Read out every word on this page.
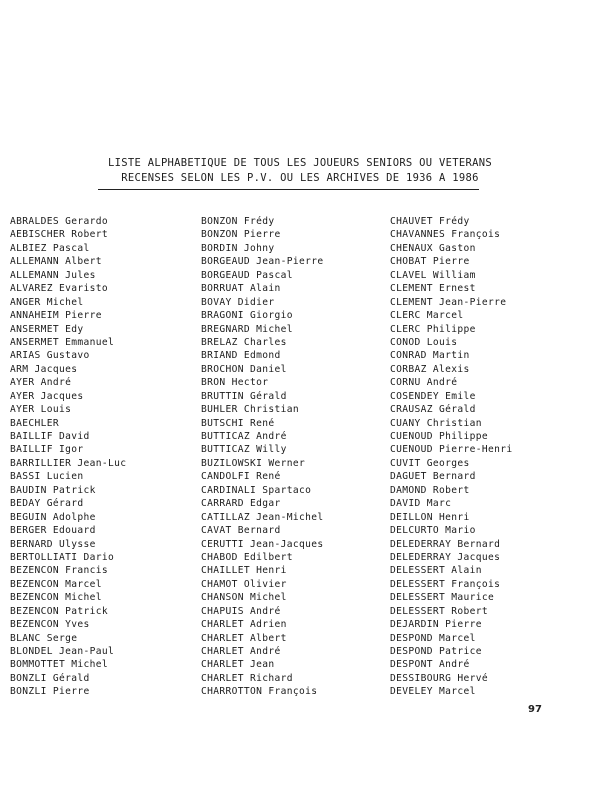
LISTE ALPHABETIQUE DE TOUS LES JOUEURS SENIORS OU VETERANS
RECENSES SELON LES P.V. OU LES ARCHIVES DE 1936 A 1986
ABRALDES Gerardo
AEBISCHER Robert
ALBIEZ Pascal
ALLEMANN Albert
ALLEMANN Jules
ALVAREZ Evaristo
ANGER Michel
ANNAHEIM Pierre
ANSERMET Edy
ANSERMET Emmanuel
ARIAS Gustavo
ARM Jacques
AYER André
AYER Jacques
AYER Louis
BAECHLER
BAILLIF David
BAILLIF Igor
BARRILLIER Jean-Luc
BASSI Lucien
BAUDIN Patrick
BEDAY Gérard
BEGUIN Adolphe
BERGER Edouard
BERNARD Ulysse
BERTOLLIATI Dario
BEZENCON Francis
BEZENCON Marcel
BEZENCON Michel
BEZENCON Patrick
BEZENCON Yves
BLANC Serge
BLONDEL Jean-Paul
BOMMOTTET Michel
BONZLI Gérald
BONZLI Pierre
BONZON Frédy
BONZON Pierre
BORDIN Johny
BORGEAUD Jean-Pierre
BORGEAUD Pascal
BORRUAT Alain
BOVAY Didier
BRAGONI Giorgio
BREGNARD Michel
BRELAZ Charles
BRIAND Edmond
BROCHON Daniel
BRON Hector
BRUTTIN Gérald
BUHLER Christian
BUTSCHI René
BUTTICAZ André
BUTTICAZ Willy
BUZILOWSKI Werner
CANDOLFI René
CARDINALI Spartaco
CARRARD Edgar
CATILLAZ Jean-Michel
CAVAT Bernard
CERUTTI Jean-Jacques
CHABOD Edilbert
CHAILLET Henri
CHAMOT Olivier
CHANSON Michel
CHAPUIS André
CHARLET Adrien
CHARLET Albert
CHARLET André
CHARLET Jean
CHARLET Richard
CHARROTTON François
CHAUVET Frédy
CHAVANNES François
CHENAUX Gaston
CHOBAT Pierre
CLAVEL William
CLEMENT Ernest
CLEMENT Jean-Pierre
CLERC Marcel
CLERC Philippe
CONOD Louis
CONRAD Martin
CORBAZ Alexis
CORNU André
COSENDEY Emile
CRAUSAZ Gérald
CUANY Christian
CUENOUD Philippe
CUENOUD Pierre-Henri
CUVIT Georges
DAGUET Bernard
DAMOND Robert
DAVID Marc
DEILLON Henri
DELCURTO Mario
DELEDERRAY Bernard
DELEDERRAY Jacques
DELESSERT Alain
DELESSERT François
DELESSERT Maurice
DELESSERT Robert
DEJARDIN Pierre
DESPOND Marcel
DESPOND Patrice
DESPONT André
DESSIBOURG Hervé
DEVELEY Marcel
97
